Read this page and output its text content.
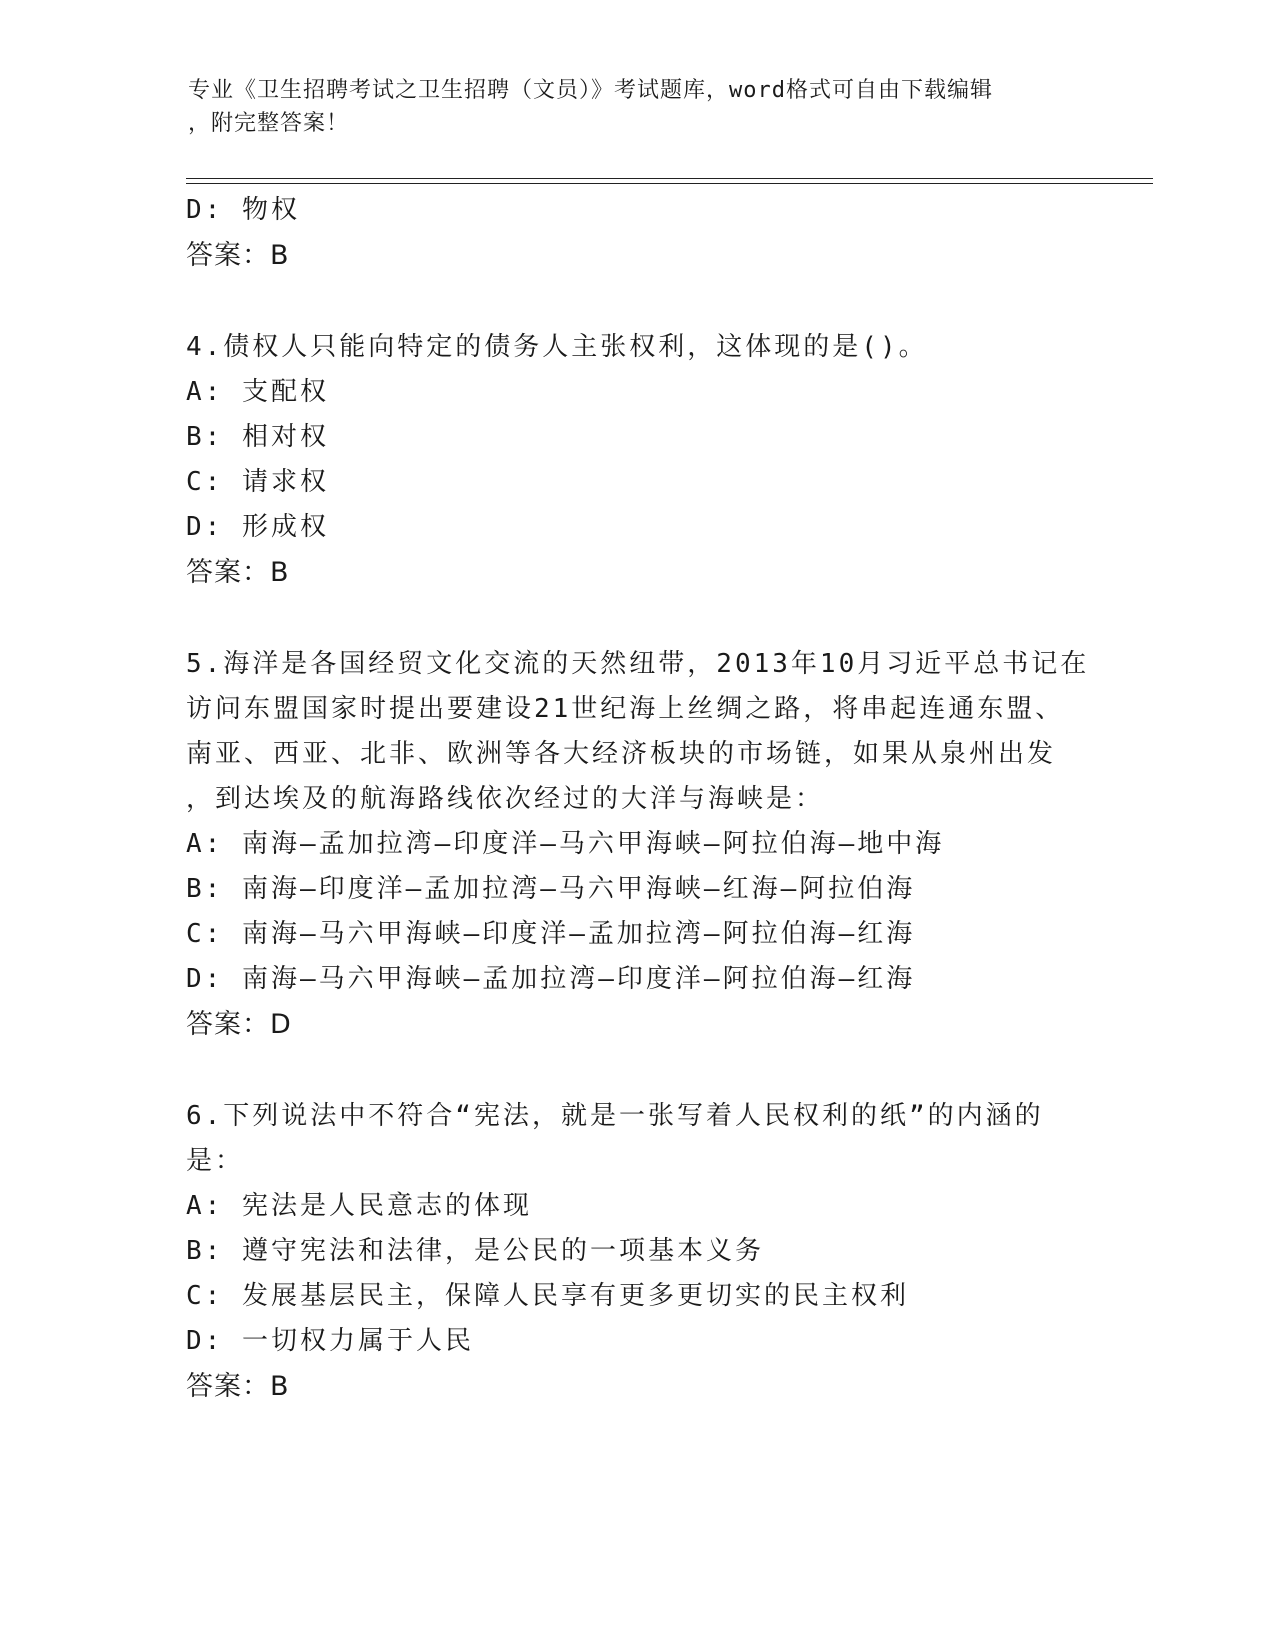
专业《卫生招聘考试之卫生招聘（文员）》考试题库，word格式可自由下载编辑
，附完整答案！
D: 物权
答案：B
4.债权人只能向特定的债务人主张权利，这体现的是()。
A: 支配权
B: 相对权
C: 请求权
D: 形成权
答案：B
5.海洋是各国经贸文化交流的天然纽带，2013年10月习近平总书记在
访问东盟国家时提出要建设21世纪海上丝绸之路，将串起连通东盟、
南亚、西亚、北非、欧洲等各大经济板块的市场链，如果从泉州出发
，到达埃及的航海路线依次经过的大洋与海峡是：
A: 南海—孟加拉湾—印度洋—马六甲海峡—阿拉伯海—地中海
B: 南海—印度洋—孟加拉湾—马六甲海峡—红海—阿拉伯海
C: 南海—马六甲海峡—印度洋—孟加拉湾—阿拉伯海—红海
D: 南海—马六甲海峡—孟加拉湾—印度洋—阿拉伯海—红海
答案：D
6.下列说法中不符合“宪法，就是一张写着人民权利的纸”的内涵的
是：
A: 宪法是人民意志的体现
B: 遵守宪法和法律，是公民的一项基本义务
C: 发展基层民主，保障人民享有更多更切实的民主权利
D: 一切权力属于人民
答案：B
